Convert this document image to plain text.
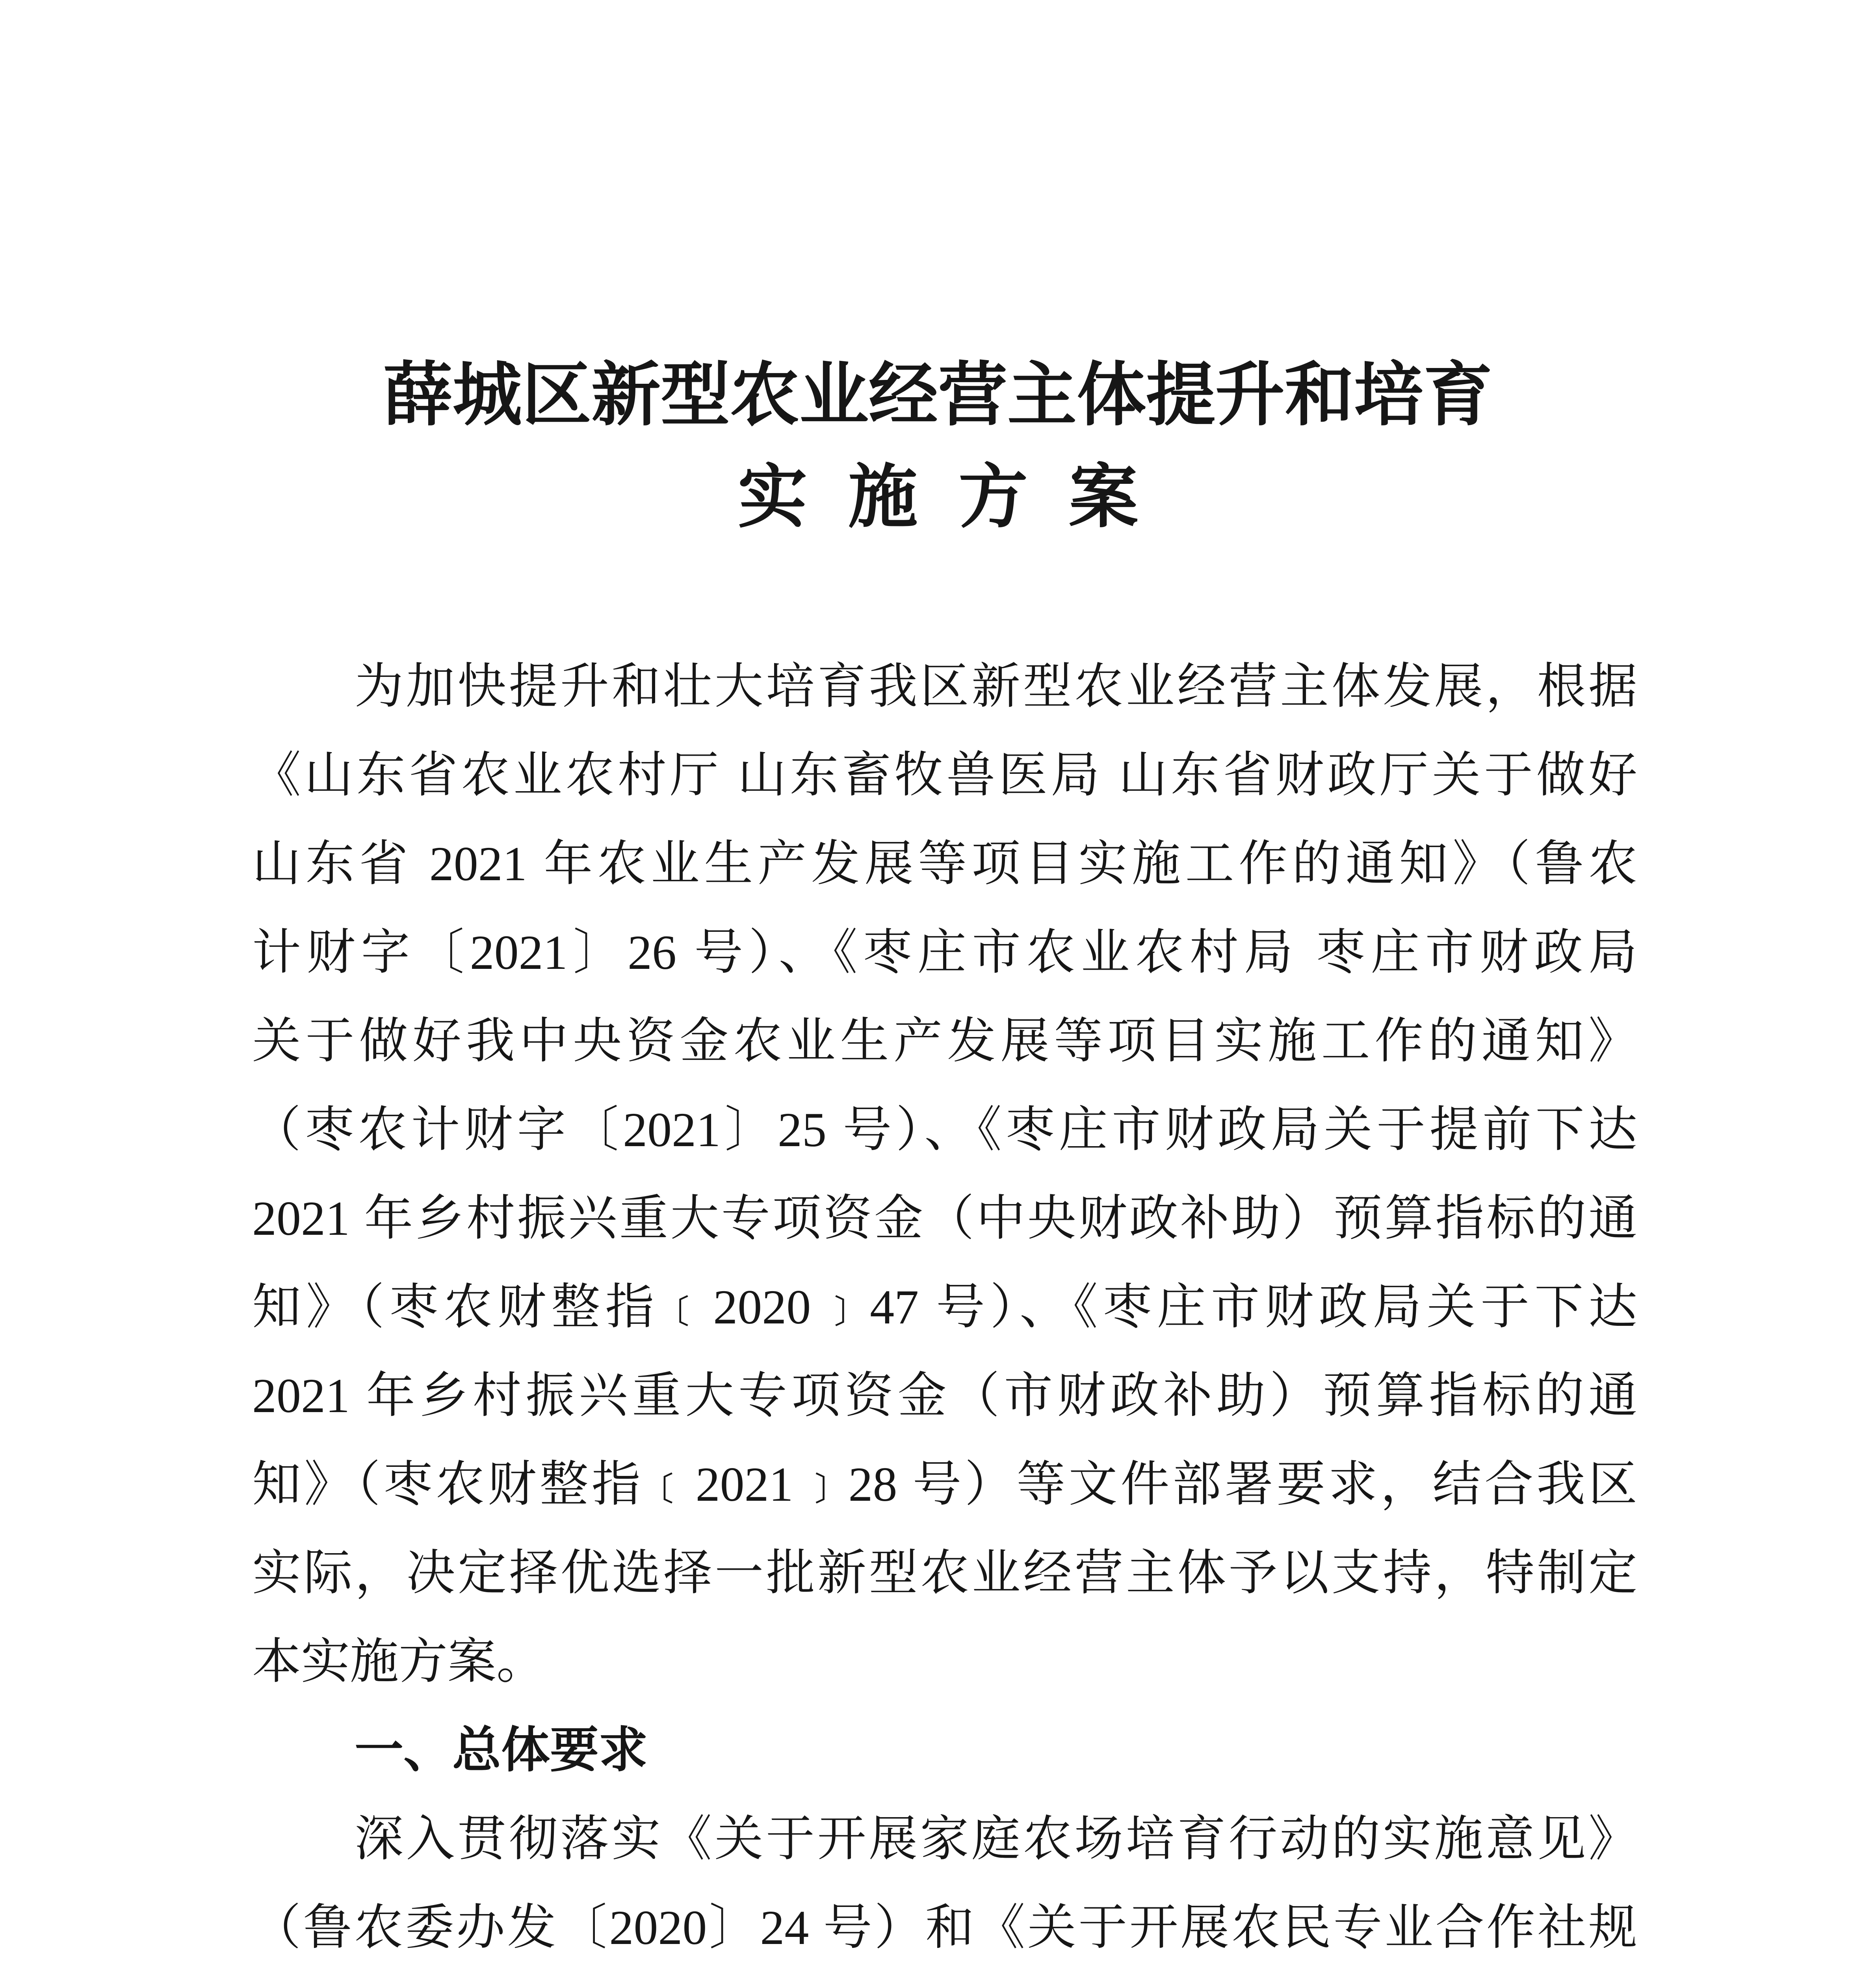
薛城区新型农业经营主体提升和培育
实 施 方 案
为加快提升和壮大培育我区新型农业经营主体发展，根据
《山东省农业农村厅 山东畜牧兽医局 山东省财政厅关于做好
山东省 2021 年农业生产发展等项目实施工作的通知》（鲁农
计财字〔2021〕26 号）、《枣庄市农业农村局 枣庄市财政局
关于做好我中央资金农业生产发展等项目实施工作的通知》
（枣农计财字〔2021〕25 号）、《枣庄市财政局关于提前下达
2021 年乡村振兴重大专项资金（中央财政补助）预算指标的通
知》（枣农财整指﹝2020﹞47 号）、《枣庄市财政局关于下达
2021 年乡村振兴重大专项资金（市财政补助）预算指标的通
知》（枣农财整指﹝2021﹞28 号）等文件部署要求，结合我区
实际，决定择优选择一批新型农业经营主体予以支持，特制定
本实施方案。
一、总体要求
深入贯彻落实《关于开展家庭农场培育行动的实施意见》
（鲁农委办发〔2020〕24 号）和《关于开展农民专业合作社规
